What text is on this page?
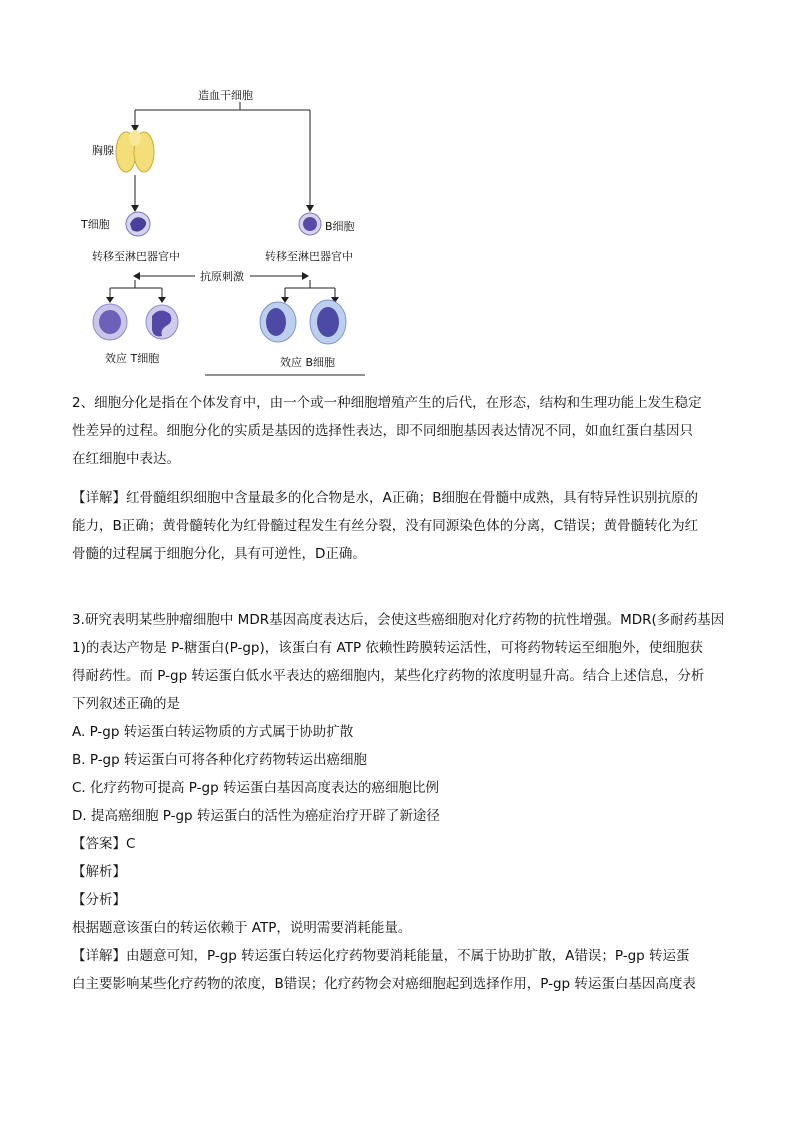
造血干细胞
胸腺
T细胞	B细胞
转移至淋巴器官中	转移至淋巴器官中
抗原刺激
效应 T细胞	效应 B细胞
2、细胞分化是指在个体发育中，由一个或一种细胞增殖产生的后代，在形态，结构和生理功能上发生稳定
性差异的过程。细胞分化的实质是基因的选择性表达，即不同细胞基因表达情况不同，如血红蛋白基因只
在红细胞中表达。
【详解】红骨髓组织细胞中含量最多的化合物是水，A正确；B细胞在骨髓中成熟，具有特异性识别抗原的
能力，B正确；黄骨髓转化为红骨髓过程发生有丝分裂，没有同源染色体的分离，C错误；黄骨髓转化为红
骨髓的过程属于细胞分化，具有可逆性，D正确。
3.研究表明某些肿瘤细胞中 MDR基因高度表达后，会使这些癌细胞对化疗药物的抗性增强。MDR(多耐药基因
1)的表达产物是 P-糖蛋白(P-gp)，该蛋白有 ATP 依赖性跨膜转运活性，可将药物转运至细胞外，使细胞获
得耐药性。而 P-gp 转运蛋白低水平表达的癌细胞内，某些化疗药物的浓度明显升高。结合上述信息，分析
下列叙述正确的是
A. P-gp 转运蛋白转运物质的方式属于协助扩散
B. P-gp 转运蛋白可将各种化疗药物转运出癌细胞
C. 化疗药物可提高 P-gp 转运蛋白基因高度表达的癌细胞比例
D. 提高癌细胞 P-gp 转运蛋白的活性为癌症治疗开辟了新途径
【答案】C
【解析】
【分析】
根据题意该蛋白的转运依赖于 ATP，说明需要消耗能量。
【详解】由题意可知，P-gp 转运蛋白转运化疗药物要消耗能量，不属于协助扩散，A错误；P-gp 转运蛋
白主要影响某些化疗药物的浓度，B错误；化疗药物会对癌细胞起到选择作用，P-gp 转运蛋白基因高度表
